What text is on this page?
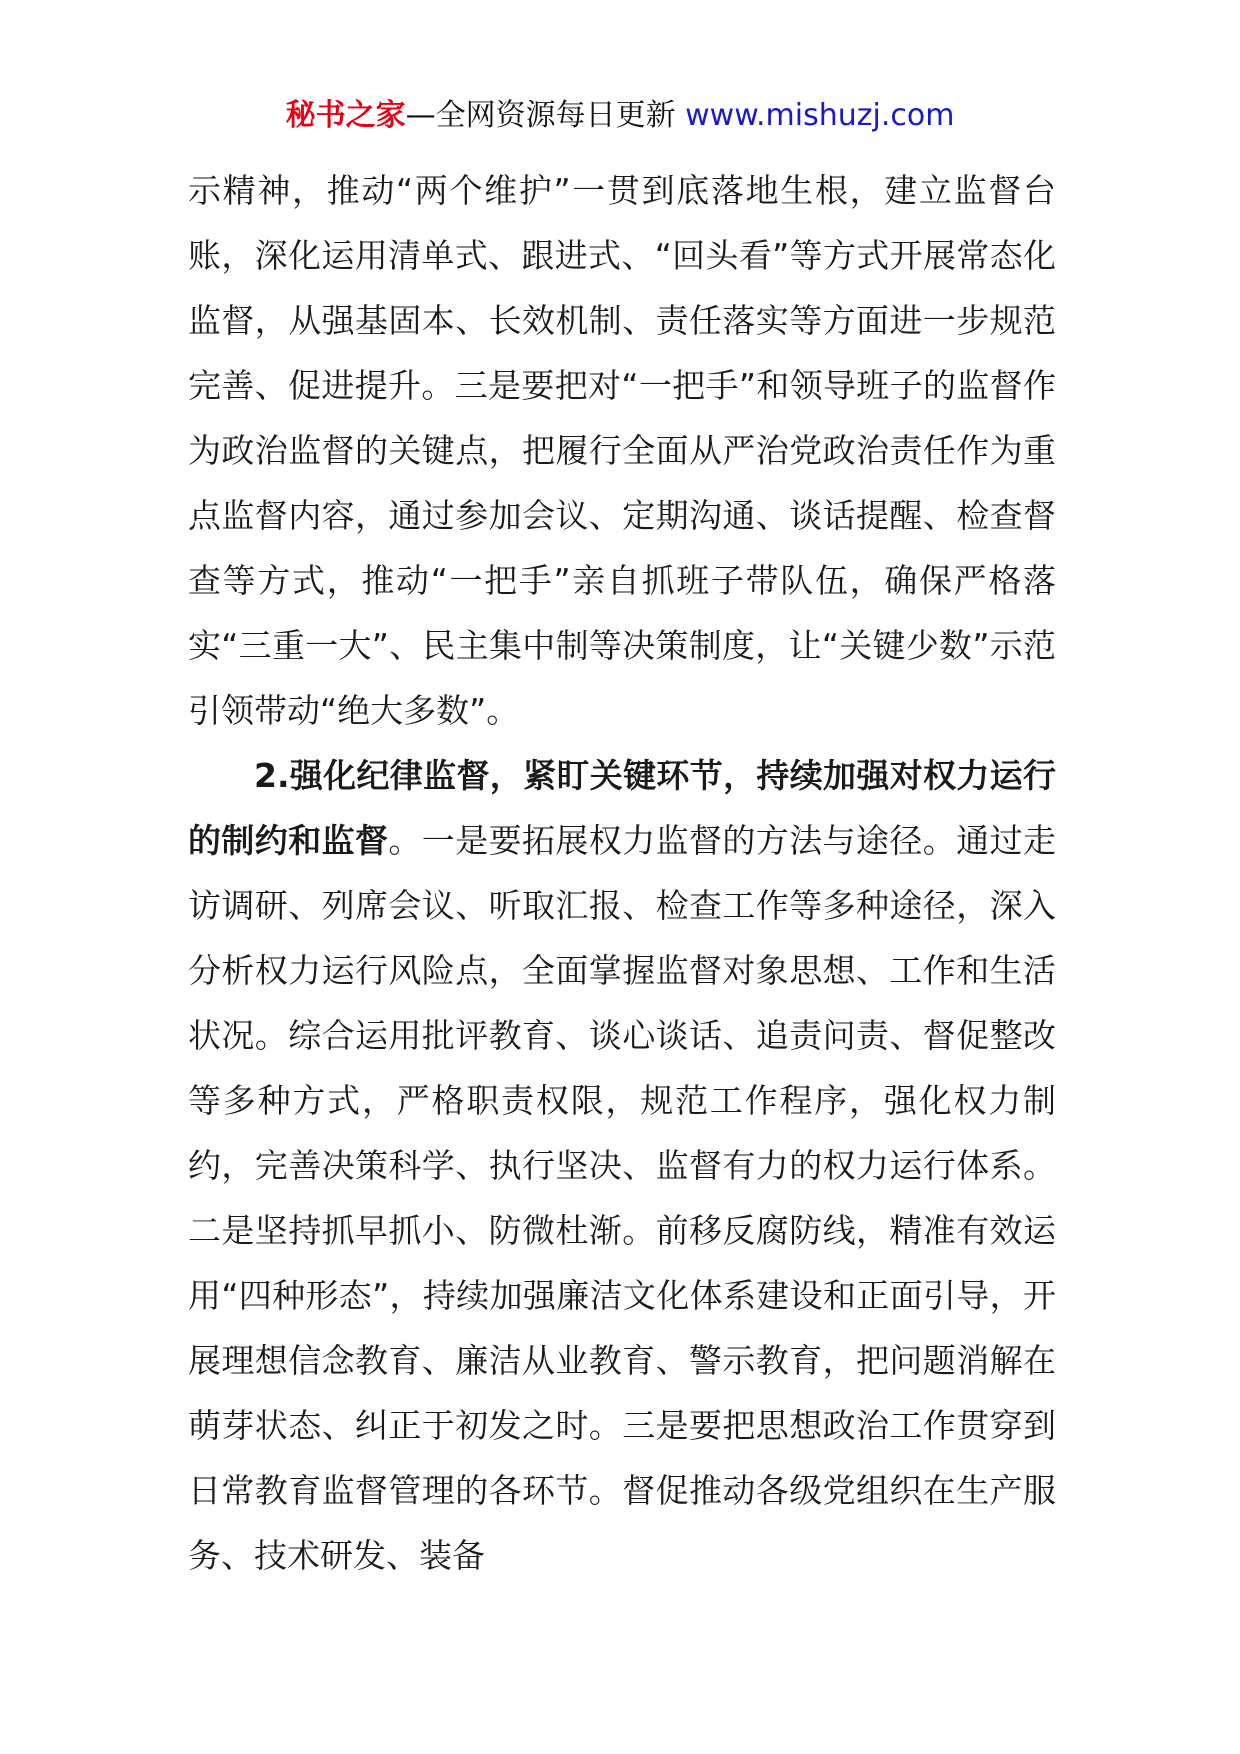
秘书之家—全网资源每日更新 www.mishuzj.com

示精神，推动“两个维护”一贯到底落地生根，建立监督台账，深化运用清单式、跟进式、“回头看”等方式开展常态化监督，从强基固本、长效机制、责任落实等方面进一步规范完善、促进提升。三是要把对“一把手”和领导班子的监督作为政治监督的关键点，把履行全面从严治党政治责任作为重点监督内容，通过参加会议、定期沟通、谈话提醒、检查督查等方式，推动“一把手”亲自抓班子带队伍，确保严格落实“三重一大”、民主集中制等决策制度，让“关键少数”示范引领带动“绝大多数”。

2.强化纪律监督，紧盯关键环节，持续加强对权力运行的制约和监督。一是要拓展权力监督的方法与途径。通过走访调研、列席会议、听取汇报、检查工作等多种途径，深入分析权力运行风险点，全面掌握监督对象思想、工作和生活状况。综合运用批评教育、谈心谈话、追责问责、督促整改等多种方式，严格职责权限，规范工作程序，强化权力制约，完善决策科学、执行坚决、监督有力的权力运行体系。二是坚持抓早抓小、防微杜渐。前移反腐防线，精准有效运用“四种形态”，持续加强廉洁文化体系建设和正面引导，开展理想信念教育、廉洁从业教育、警示教育，把问题消解在萌芽状态、纠正于初发之时。三是要把思想政治工作贯穿到日常教育监督管理的各环节。督促推动各级党组织在生产服务、技术研发、装备
